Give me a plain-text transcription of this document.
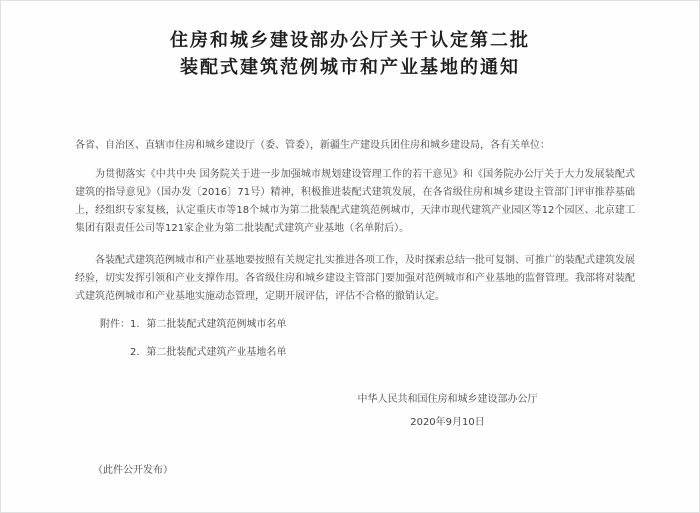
住房和城乡建设部办公厅关于认定第二批
装配式建筑范例城市和产业基地的通知

各省、自治区、直辖市住房和城乡建设厅（委、管委），新疆生产建设兵团住房和城乡建设局，各有关单位：

为贯彻落实《中共中央 国务院关于进一步加强城市规划建设管理工作的若干意见》和《国务院办公厅关于大力发展装配式建筑的指导意见》（国办发〔2016〕71号）精神，积极推进装配式建筑发展，在各省级住房和城乡建设主管部门评审推荐基础上，经组织专家复核，认定重庆市等18个城市为第二批装配式建筑范例城市，天津市现代建筑产业园区等12个园区、北京建工集团有限责任公司等121家企业为第二批装配式建筑产业基地（名单附后）。

各装配式建筑范例城市和产业基地要按照有关规定扎实推进各项工作，及时探索总结一批可复制、可推广的装配式建筑发展经验，切实发挥引领和产业支撑作用。各省级住房和城乡建设主管部门要加强对范例城市和产业基地的监督管理。我部将对装配式建筑范例城市和产业基地实施动态管理，定期开展评估，评估不合格的撤销认定。

附件：1．第二批装配式建筑范例城市名单

2．第二批装配式建筑产业基地名单

中华人民共和国住房和城乡建设部办公厅
2020年9月10日

（此件公开发布）
